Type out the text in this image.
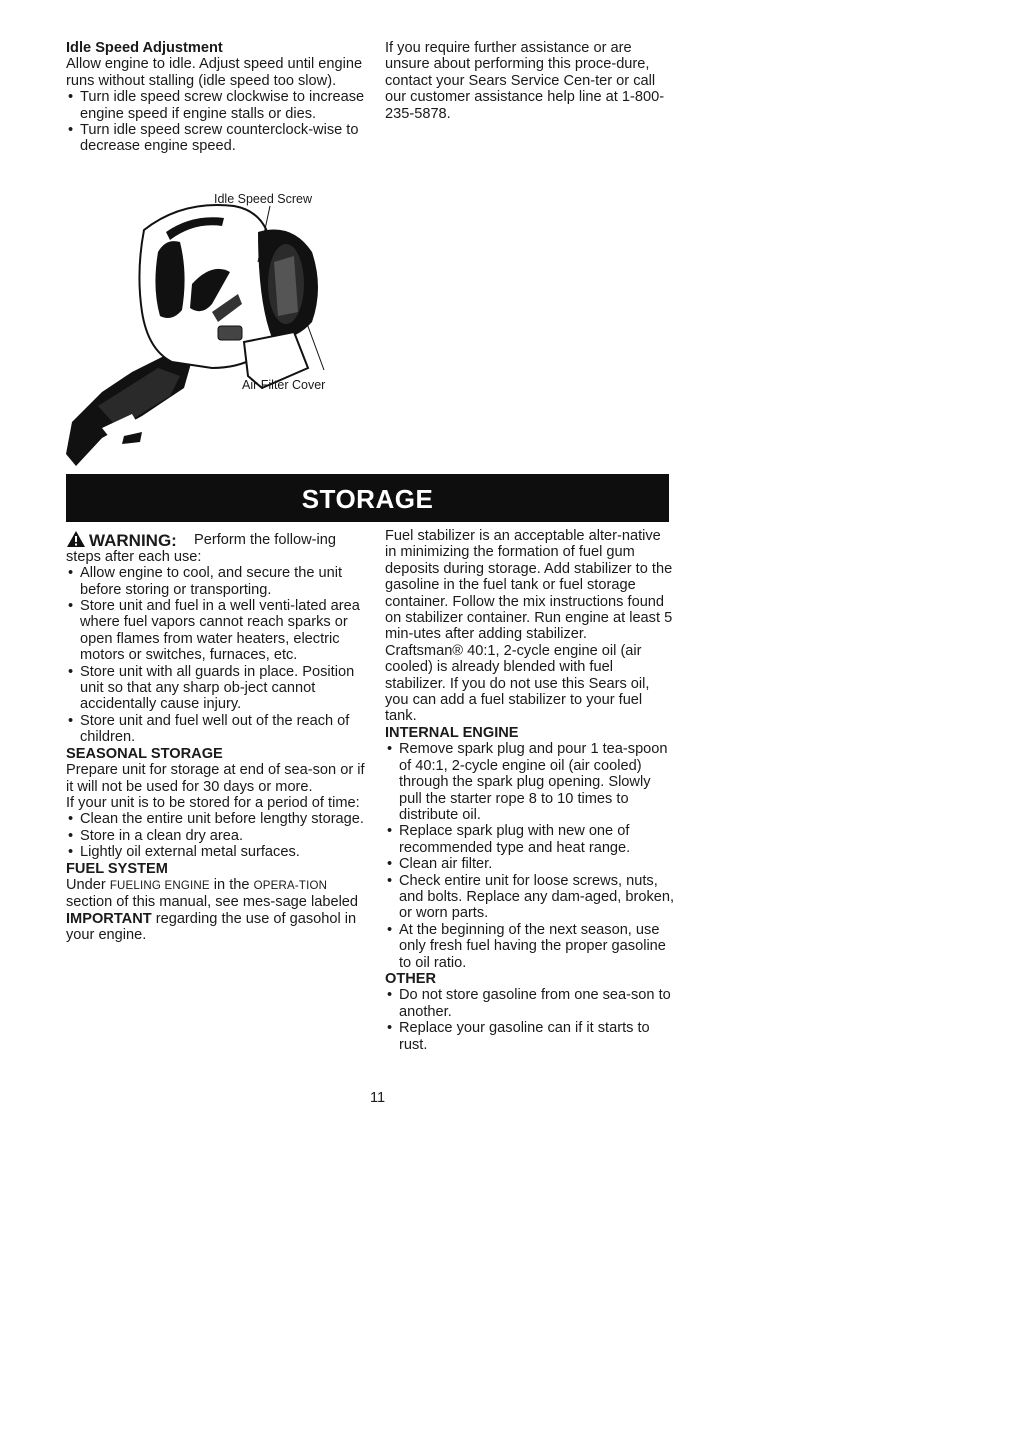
Idle Speed Adjustment

Allow engine to idle. Adjust speed until engine runs without stalling (idle speed too slow).

• Turn idle speed screw clockwise to increase engine speed if engine stalls or dies.
• Turn idle speed screw counterclock-wise to decrease engine speed.

If you require further assistance or are unsure about performing this proce-dure, contact your Sears Service Cen-ter or call our customer assistance help line at 1-800-235-5878.

Idle Speed Screw
Air Filter Cover
STORAGE
WARNING:	Perform the follow-ing steps after each use:

• Allow engine to cool, and secure the unit before storing or transporting.
• Store unit and fuel in a well venti-lated area where fuel vapors cannot reach sparks or open flames from water heaters, electric motors or switches, furnaces, etc.
• Store unit with all guards in place. Position unit so that any sharp ob-ject cannot accidentally cause injury.
• Store unit and fuel well out of the reach of children.

SEASONAL STORAGE

Prepare unit for storage at end of sea-son or if it will not be used for 30 days or more.

If your unit is to be stored for a period of time:

• Clean the entire unit before lengthy storage.
• Store in a clean dry area.
• Lightly oil external metal surfaces.

FUEL SYSTEM

Under FUELING ENGINE in the OPERA-TION section of this manual, see mes-sage labeled IMPORTANT regarding the use of gasohol in your engine.

Fuel stabilizer is an acceptable alter-native in minimizing the formation of fuel gum deposits during storage. Add stabilizer to the gasoline in the fuel tank or fuel storage container. Follow the mix instructions found on stabilizer container. Run engine at least 5 min-utes after adding stabilizer.

Craftsman® 40:1, 2-cycle engine oil (air cooled) is already blended with fuel stabilizer. If you do not use this Sears oil, you can add a fuel stabilizer to your fuel tank.

INTERNAL ENGINE

• Remove spark plug and pour 1 tea-spoon of 40:1, 2-cycle engine oil (air cooled) through the spark plug opening. Slowly pull the starter rope 8 to 10 times to distribute oil.
• Replace spark plug with new one of recommended type and heat range.
• Clean air filter.
• Check entire unit for loose screws, nuts, and bolts. Replace any dam-aged, broken, or worn parts.
• At the beginning of the next season, use only fresh fuel having the proper gasoline to oil ratio.

OTHER

• Do not store gasoline from one sea-son to another.
• Replace your gasoline can if it starts to rust.
11
